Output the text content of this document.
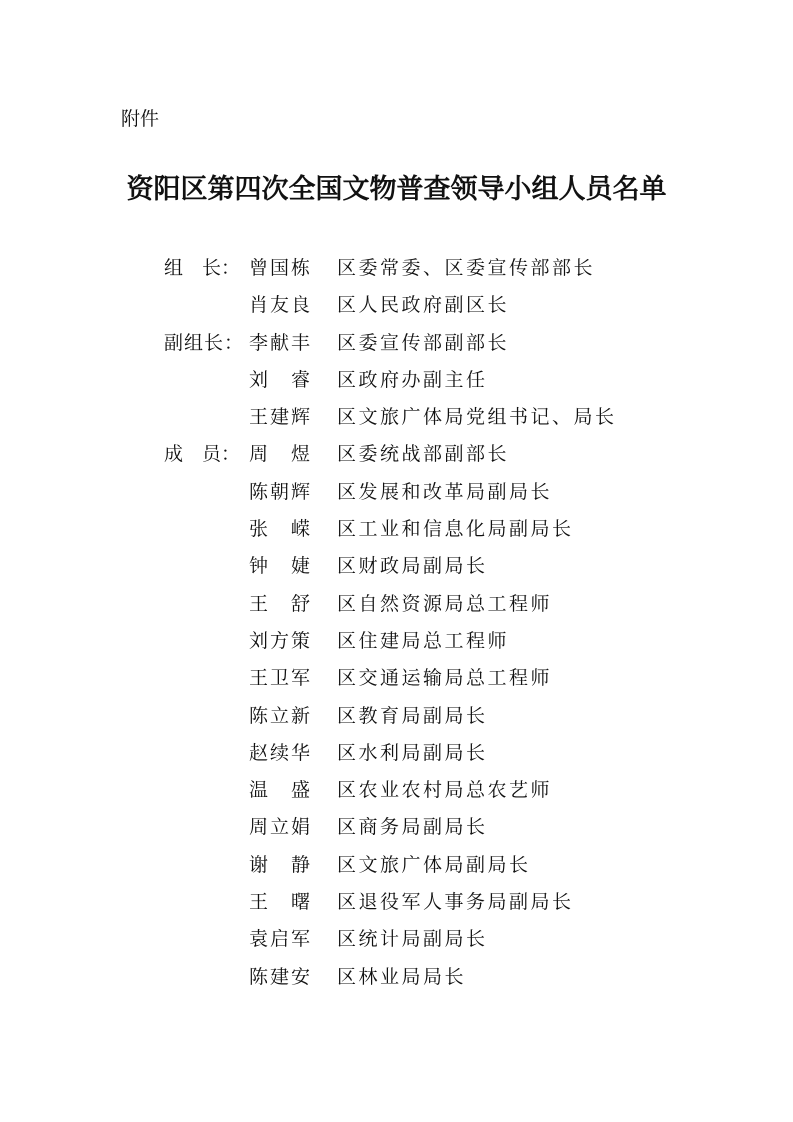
附件
资阳区第四次全国文物普查领导小组人员名单
组　长： 曾国栋 区委常委、区委宣传部部长
肖友良 区人民政府副区长
副组长： 李献丰 区委宣传部副部长
刘　睿 区政府办副主任
王建辉 区文旅广体局党组书记、局长
成　员： 周　煜 区委统战部副部长
陈朝辉 区发展和改革局副局长
张　嵘 区工业和信息化局副局长
钟　婕 区财政局副局长
王　舒 区自然资源局总工程师
刘方策 区住建局总工程师
王卫军 区交通运输局总工程师
陈立新 区教育局副局长
赵续华 区水利局副局长
温　盛 区农业农村局总农艺师
周立娟 区商务局副局长
谢　静 区文旅广体局副局长
王　曙 区退役军人事务局副局长
袁启军 区统计局副局长
陈建安 区林业局局长
